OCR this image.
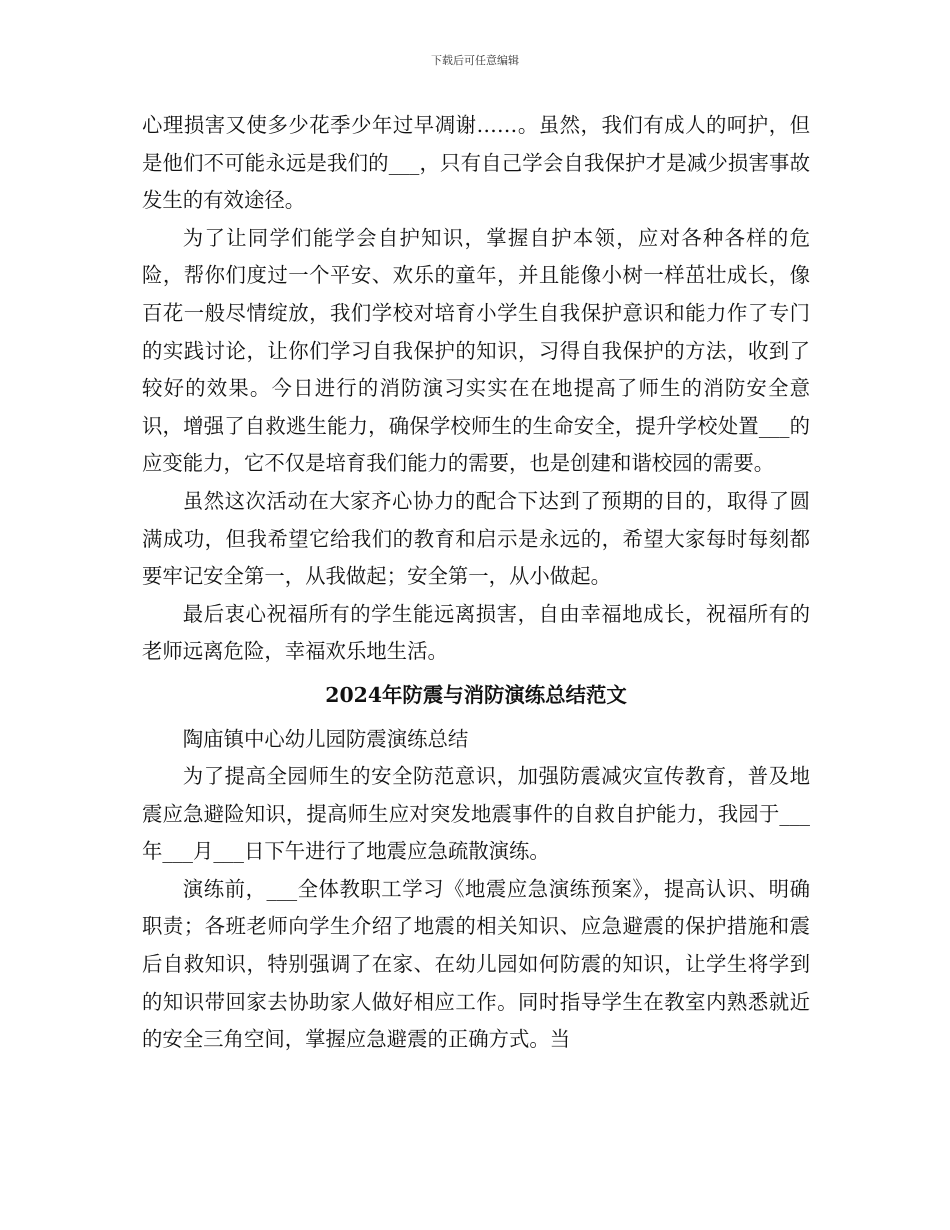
下载后可任意编辑

心理损害又使多少花季少年过早凋谢……。虽然，我们有成人的呵护，但是他们不可能永远是我们的___，只有自己学会自我保护才是减少损害事故发生的有效途径。

为了让同学们能学会自护知识，掌握自护本领，应对各种各样的危险，帮你们度过一个平安、欢乐的童年，并且能像小树一样茁壮成长，像百花一般尽情绽放，我们学校对培育小学生自我保护意识和能力作了专门的实践讨论，让你们学习自我保护的知识，习得自我保护的方法，收到了较好的效果。今日进行的消防演习实实在在地提高了师生的消防安全意识，增强了自救逃生能力，确保学校师生的生命安全，提升学校处置___的应变能力，它不仅是培育我们能力的需要，也是创建和谐校园的需要。

虽然这次活动在大家齐心协力的配合下达到了预期的目的，取得了圆满成功，但我希望它给我们的教育和启示是永远的，希望大家每时每刻都要牢记安全第一，从我做起；安全第一，从小做起。

最后衷心祝福所有的学生能远离损害，自由幸福地成长，祝福所有的老师远离危险，幸福欢乐地生活。

2024年防震与消防演练总结范文

陶庙镇中心幼儿园防震演练总结

为了提高全园师生的安全防范意识，加强防震减灾宣传教育，普及地震应急避险知识，提高师生应对突发地震事件的自救自护能力，我园于___年___月___日下午进行了地震应急疏散演练。

演练前，___全体教职工学习《地震应急演练预案》，提高认识、明确职责；各班老师向学生介绍了地震的相关知识、应急避震的保护措施和震后自救知识，特别强调了在家、在幼儿园如何防震的知识，让学生将学到的知识带回家去协助家人做好相应工作。同时指导学生在教室内熟悉就近的安全三角空间，掌握应急避震的正确方式。当
